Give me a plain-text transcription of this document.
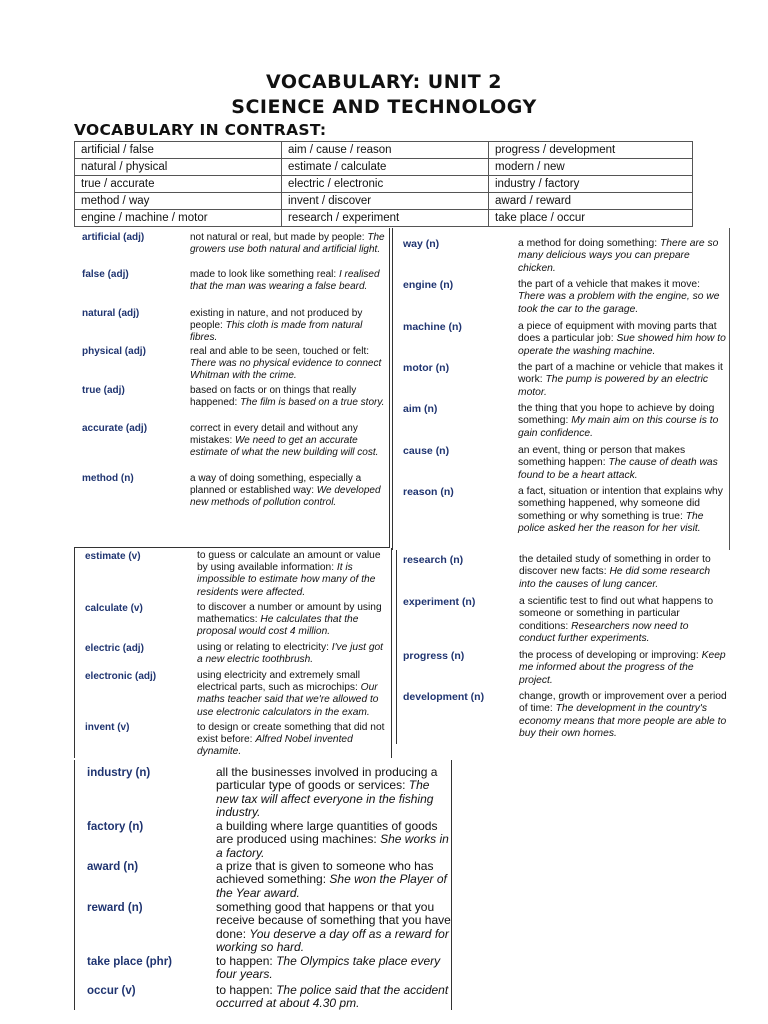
VOCABULARY: UNIT 2
SCIENCE AND TECHNOLOGY
VOCABULARY IN CONTRAST:
artificial / false	aim / cause / reason	progress / development
natural / physical	estimate / calculate	modern / new
true / accurate	electric / electronic	industry / factory
method / way	invent / discover	award / reward
engine / machine / motor	research / experiment	take place / occur
artificial (adj)	not natural or real, but made by people: The growers use both natural and artificial light.
false (adj)	made to look like something real: I realised that the man was wearing a false beard.
natural (adj)	existing in nature, and not produced by people: This cloth is made from natural fibres.
physical (adj)	real and able to be seen, touched or felt: There was no physical evidence to connect Whitman with the crime.
true (adj)	based on facts or on things that really happened: The film is based on a true story.
accurate (adj)	correct in every detail and without any mistakes: We need to get an accurate estimate of what the new building will cost.
method (n)	a way of doing something, especially a planned or established way: We developed new methods of pollution control.
way (n)	a method for doing something: There are so many delicious ways you can prepare chicken.
engine (n)	the part of a vehicle that makes it move: There was a problem with the engine, so we took the car to the garage.
machine (n)	a piece of equipment with moving parts that does a particular job: Sue showed him how to operate the washing machine.
motor (n)	the part of a machine or vehicle that makes it work: The pump is powered by an electric motor.
aim (n)	the thing that you hope to achieve by doing something: My main aim on this course is to gain confidence.
cause (n)	an event, thing or person that makes something happen: The cause of death was found to be a heart attack.
reason (n)	a fact, situation or intention that explains why something happened, why someone did something or why something is true: The police asked her the reason for her visit.
estimate (v)	to guess or calculate an amount or value by using available information: It is impossible to estimate how many of the residents were affected.
calculate (v)	to discover a number or amount by using mathematics: He calculates that the proposal would cost 4 million.
electric (adj)	using or relating to electricity: I've just got a new electric toothbrush.
electronic (adj)	using electricity and extremely small electrical parts, such as microchips: Our maths teacher said that we're allowed to use electronic calculators in the exam.
invent (v)	to design or create something that did not exist before: Alfred Nobel invented dynamite.
research (n)	the detailed study of something in order to discover new facts: He did some research into the causes of lung cancer.
experiment (n)	a scientific test to find out what happens to someone or something in particular conditions: Researchers now need to conduct further experiments.
progress (n)	the process of developing or improving: Keep me informed about the progress of the project.
development (n)	change, growth or improvement over a period of time: The development in the country's economy means that more people are able to buy their own homes.
industry (n)	all the businesses involved in producing a particular type of goods or services: The new tax will affect everyone in the fishing industry.
factory (n)	a building where large quantities of goods are produced using machines: She works in a factory.
award (n)	a prize that is given to someone who has achieved something: She won the Player of the Year award.
reward (n)	something good that happens or that you receive because of something that you have done: You deserve a day off as a reward for working so hard.
take place (phr)	to happen: The Olympics take place every four years.
occur (v)	to happen: The police said that the accident occurred at about 4.30 pm.
